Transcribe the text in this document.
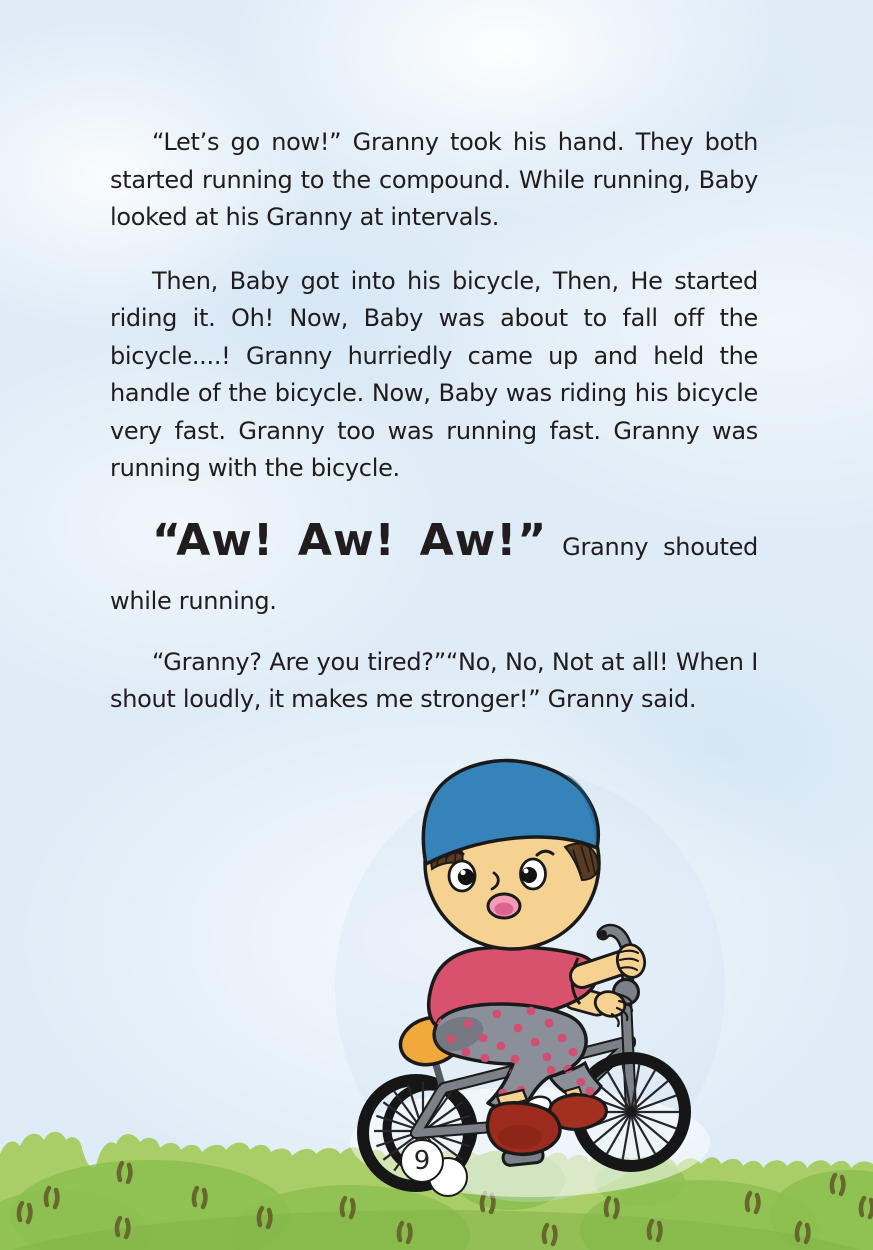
“Let’s go now!” Granny took his hand. They both started running to the compound. While running, Baby looked at his Granny at intervals.

Then, Baby got into his bicycle, Then, He started riding it. Oh! Now, Baby was about to fall off the bicycle....! Granny hurriedly came up and held the handle of the bicycle. Now, Baby was riding his bicycle very fast. Granny too was running fast. Granny was running with the bicycle.

“Aw! Aw! Aw!” Granny shouted while running.

“Granny? Are you tired?”“No, No, Not at all! When I shout loudly, it makes me stronger!” Granny said.

9
